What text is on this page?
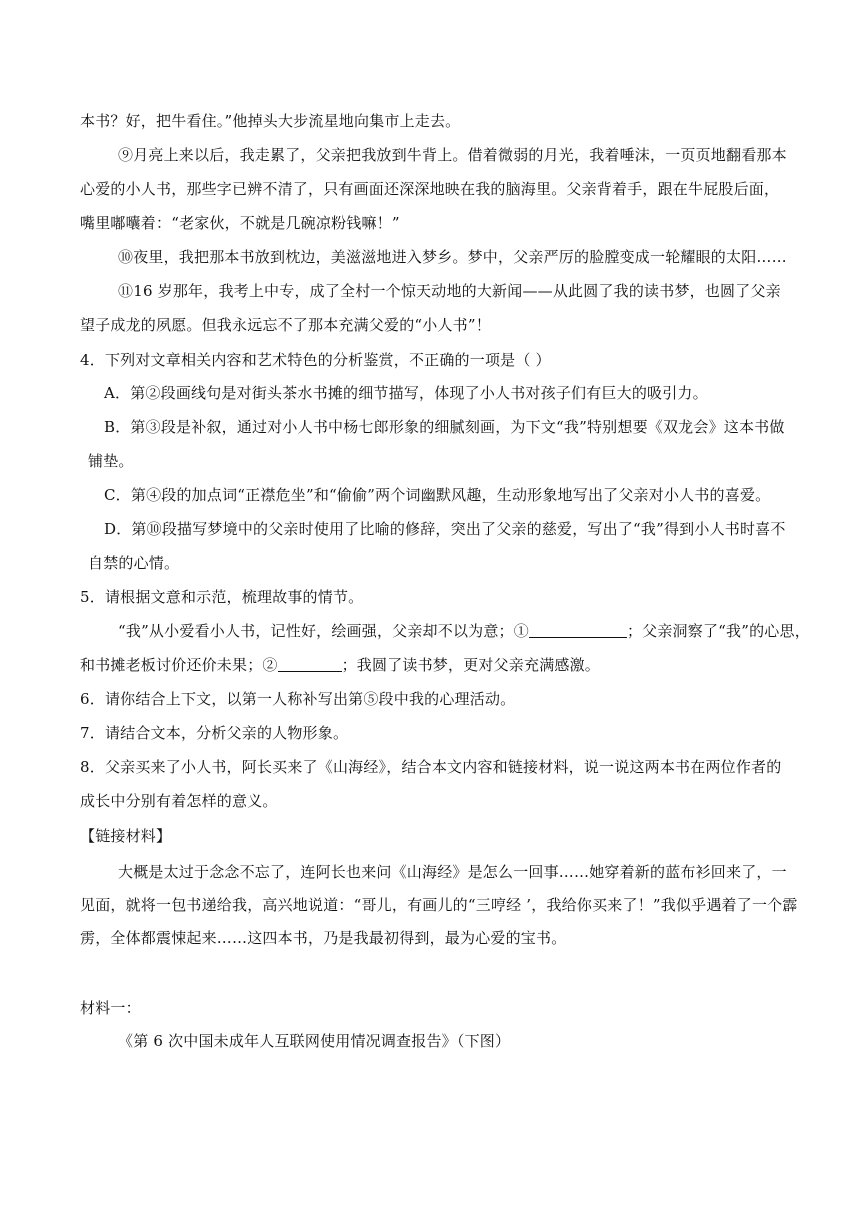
本书？好，把牛看住。”他掉头大步流星地向集市上走去。
⑨月亮上来以后，我走累了，父亲把我放到牛背上。借着微弱的月光，我着唾沫，一页页地翻看那本
心爱的小人书，那些字已辨不清了，只有画面还深深地映在我的脑海里。父亲背着手，跟在牛屁股后面，
嘴里嘟囔着：“老家伙，不就是几碗凉粉钱嘛！”
⑩夜里，我把那本书放到枕边，美滋滋地进入梦乡。梦中，父亲严厉的脸膛变成一轮耀眼的太阳……
⑪16 岁那年，我考上中专，成了全村一个惊天动地的大新闻——从此圆了我的读书梦，也圆了父亲
望子成龙的夙愿。但我永远忘不了那本充满父爱的“小人书”！
4．下列对文章相关内容和艺术特色的分析鉴赏，不正确的一项是（ ）
A．第②段画线句是对街头茶水书摊的细节描写，体现了小人书对孩子们有巨大的吸引力。
B．第③段是补叙，通过对小人书中杨七郎形象的细腻刻画，为下文“我”特别想要《双龙会》这本书做
铺垫。
C．第④段的加点词“正襟危坐”和“偷偷”两个词幽默风趣，生动形象地写出了父亲对小人书的喜爱。
D．第⑩段描写梦境中的父亲时使用了比喻的修辞，突出了父亲的慈爱，写出了“我”得到小人书时喜不
自禁的心情。
5．请根据文意和示范，梳理故事的情节。
“我”从小爱看小人书，记性好，绘画强，父亲却不以为意；①	；父亲洞察了“我”的心思，
和书摊老板讨价还价未果；②	；我圆了读书梦，更对父亲充满感激。
6．请你结合上下文，以第一人称补写出第⑤段中我的心理活动。
7．请结合文本，分析父亲的人物形象。
8．父亲买来了小人书，阿长买来了《山海经》，结合本文内容和链接材料，说一说这两本书在两位作者的
成长中分别有着怎样的意义。
【链接材料】
大概是太过于念念不忘了，连阿长也来问《山海经》是怎么一回事……她穿着新的蓝布衫回来了，一
见面，就将一包书递给我，高兴地说道：“哥儿，有画儿的“三哼经 ’，我给你买来了！”我似乎遇着了一个霹
雳，全体都震悚起来……这四本书，乃是我最初得到，最为心爱的宝书。
材料一：
《第 6 次中国未成年人互联网使用情况调查报告》（下图）
